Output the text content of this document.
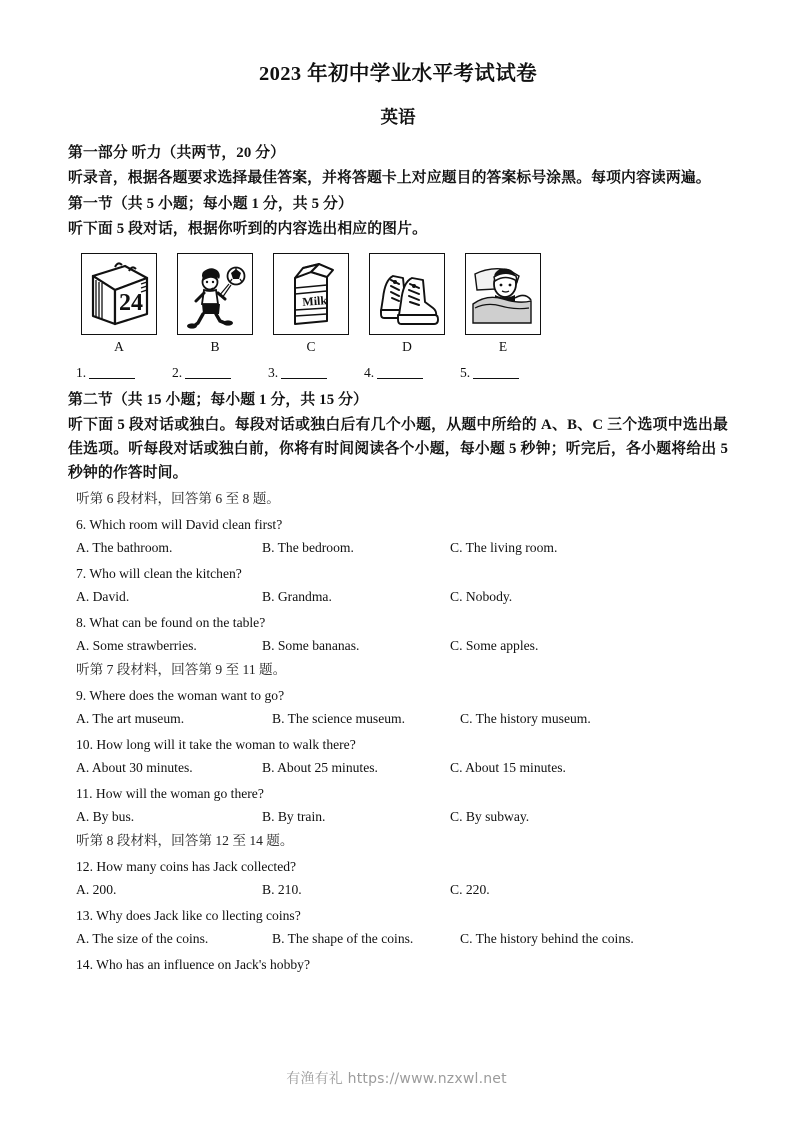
2023 年初中学业水平考试试卷
英语
第一部分 听力（共两节，20 分）
听录音，根据各题要求选择最佳答案，并将答题卡上对应题目的答案标号涂黑。每项内容读两遍。
第一节（共 5 小题；每小题 1 分，共 5 分）
听下面 5 段对话，根据你听到的内容选出相应的图片。
24
A	B
Milk
C	D	E
1.	2.	3.	4.	5.
第二节（共 15 小题；每小题 1 分，共 15 分）
听下面 5 段对话或独白。每段对话或独白后有几个小题，从题中所给的 A、B、C 三个选项中选出最佳选项。听每段对话或独白前，你将有时间阅读各个小题，每小题 5 秒钟；听完后，各小题将给出 5 秒钟的作答时间。
听第 6 段材料，回答第 6 至 8 题。
6. Which room will David clean first?
A. The bathroom.	B. The bedroom.	C. The living room.
7. Who will clean the kitchen?
A. David.	B. Grandma.	C. Nobody.
8. What can be found on the table?
A. Some strawberries.	B. Some bananas.	C. Some apples.
听第 7 段材料，回答第 9 至 11 题。
9. Where does the woman want to go?
A. The art museum.	B. The science museum.	C. The history museum.
10. How long will it take the woman to walk there?
A. About 30 minutes.	B. About 25 minutes.	C. About 15 minutes.
11. How will the woman go there?
A. By bus.	B. By train.	C. By subway.
听第 8 段材料，回答第 12 至 14 题。
12. How many coins has Jack collected?
A. 200.	B. 210.	C. 220.
13. Why does Jack like co llecting coins?
A. The size of the coins.	B. The shape of the coins.	C. The history behind the coins.
14. Who has an influence on Jack's hobby?
有渔有礼 https://www.nzxwl.net
